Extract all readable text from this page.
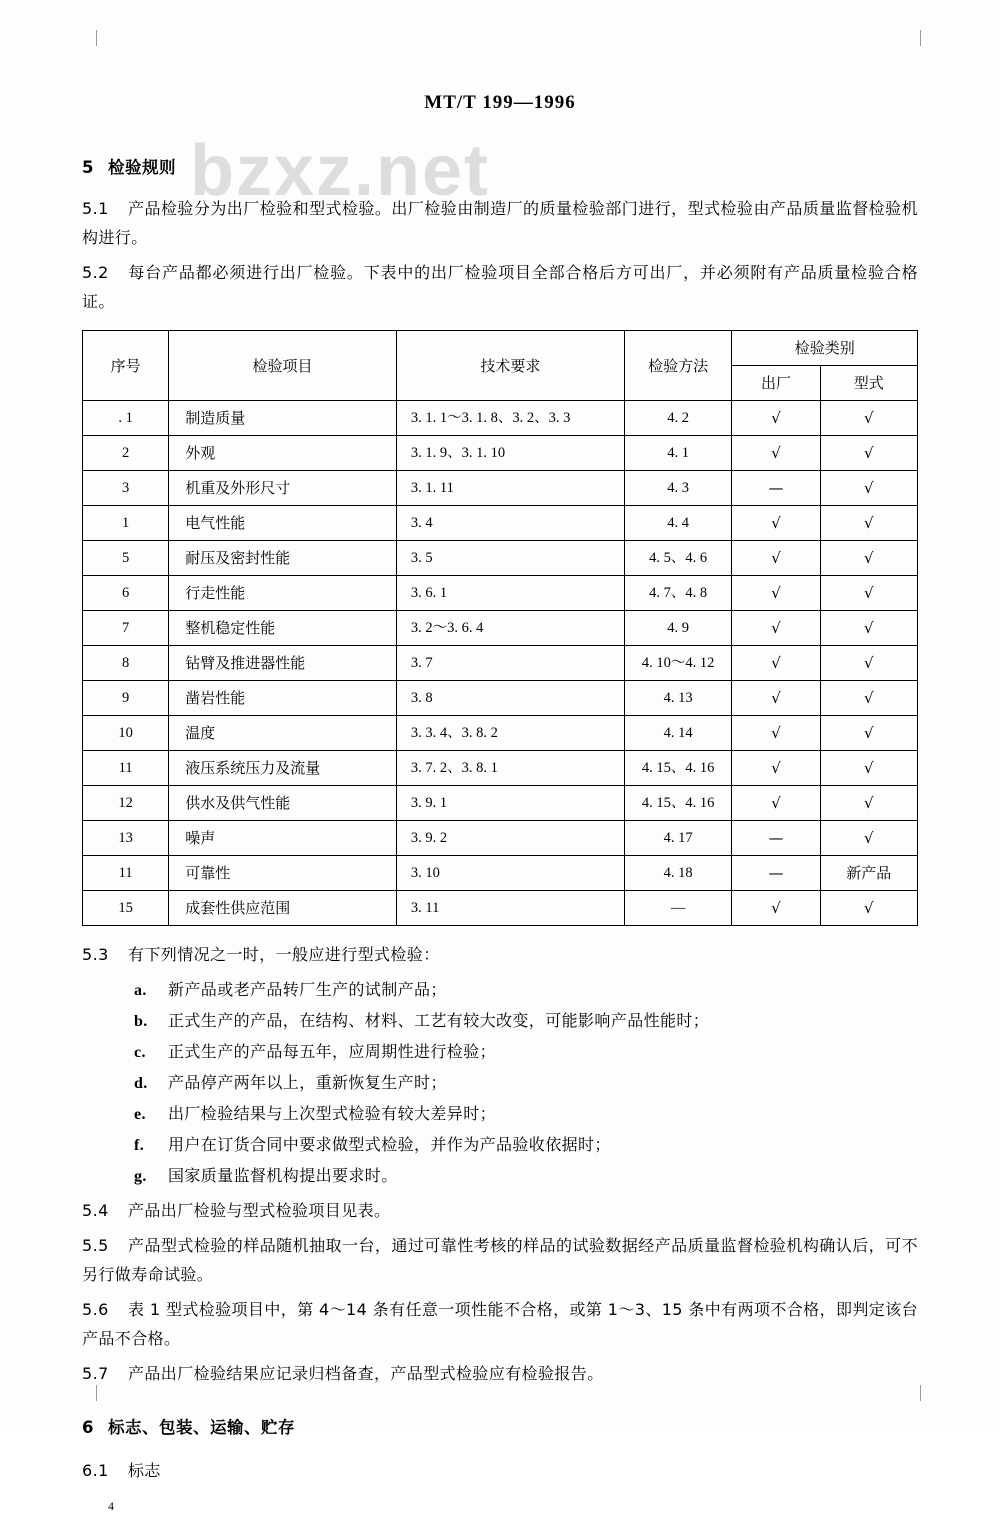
bzxz.net
MT/T 199—1996
5 检验规则

5.1 产品检验分为出厂检验和型式检验。出厂检验由制造厂的质量检验部门进行，型式检验由产品质量监督检验机构进行。

5.2 每台产品都必须进行出厂检验。下表中的出厂检验项目全部合格后方可出厂，并必须附有产品质量检验合格证。

序号	检验项目	技术要求	检验方法	检验类别	
				出厂	型式
. 1	制造质量	3. 1. 1～3. 1. 8、3. 2、3. 3	4. 2	√	√
2	外观	3. 1. 9、3. 1. 10	4. 1	√	√
3	机重及外形尺寸	3. 1. 11	4. 3	—	√
1	电气性能	3. 4	4. 4	√	√
5	耐压及密封性能	3. 5	4. 5、4. 6	√	√
6	行走性能	3. 6. 1	4. 7、4. 8	√	√
7	整机稳定性能	3. 2～3. 6. 4	4. 9	√	√
8	钻臂及推进器性能	3. 7	4. 10～4. 12	√	√
9	凿岩性能	3. 8	4. 13	√	√
10	温度	3. 3. 4、3. 8. 2	4. 14	√	√
11	液压系统压力及流量	3. 7. 2、3. 8. 1	4. 15、4. 16	√	√
12	供水及供气性能	3. 9. 1	4. 15、4. 16	√	√
13	噪声	3. 9. 2	4. 17	—	√
11	可靠性	3. 10	4. 18	—	新产品
15	成套性供应范围	3. 11	—	√	√

5.3 有下列情况之一时，一般应进行型式检验：

a. 新产品或老产品转厂生产的试制产品；
b. 正式生产的产品，在结构、材料、工艺有较大改变，可能影响产品性能时；
c. 正式生产的产品每五年，应周期性进行检验；
d. 产品停产两年以上，重新恢复生产时；
e. 出厂检验结果与上次型式检验有较大差异时；
f. 用户在订货合同中要求做型式检验，并作为产品验收依据时；
g. 国家质量监督机构提出要求时。

5.4 产品出厂检验与型式检验项目见表。

5.5 产品型式检验的样品随机抽取一台，通过可靠性考核的样品的试验数据经产品质量监督检验机构确认后，可不另行做寿命试验。

5.6 表 1 型式检验项目中，第 4～14 条有任意一项性能不合格，或第 1～3、15 条中有两项不合格，即判定该台产品不合格。

5.7 产品出厂检验结果应记录归档备查，产品型式检验应有检验报告。

6 标志、包装、运输、贮存

6.1 标志

4
